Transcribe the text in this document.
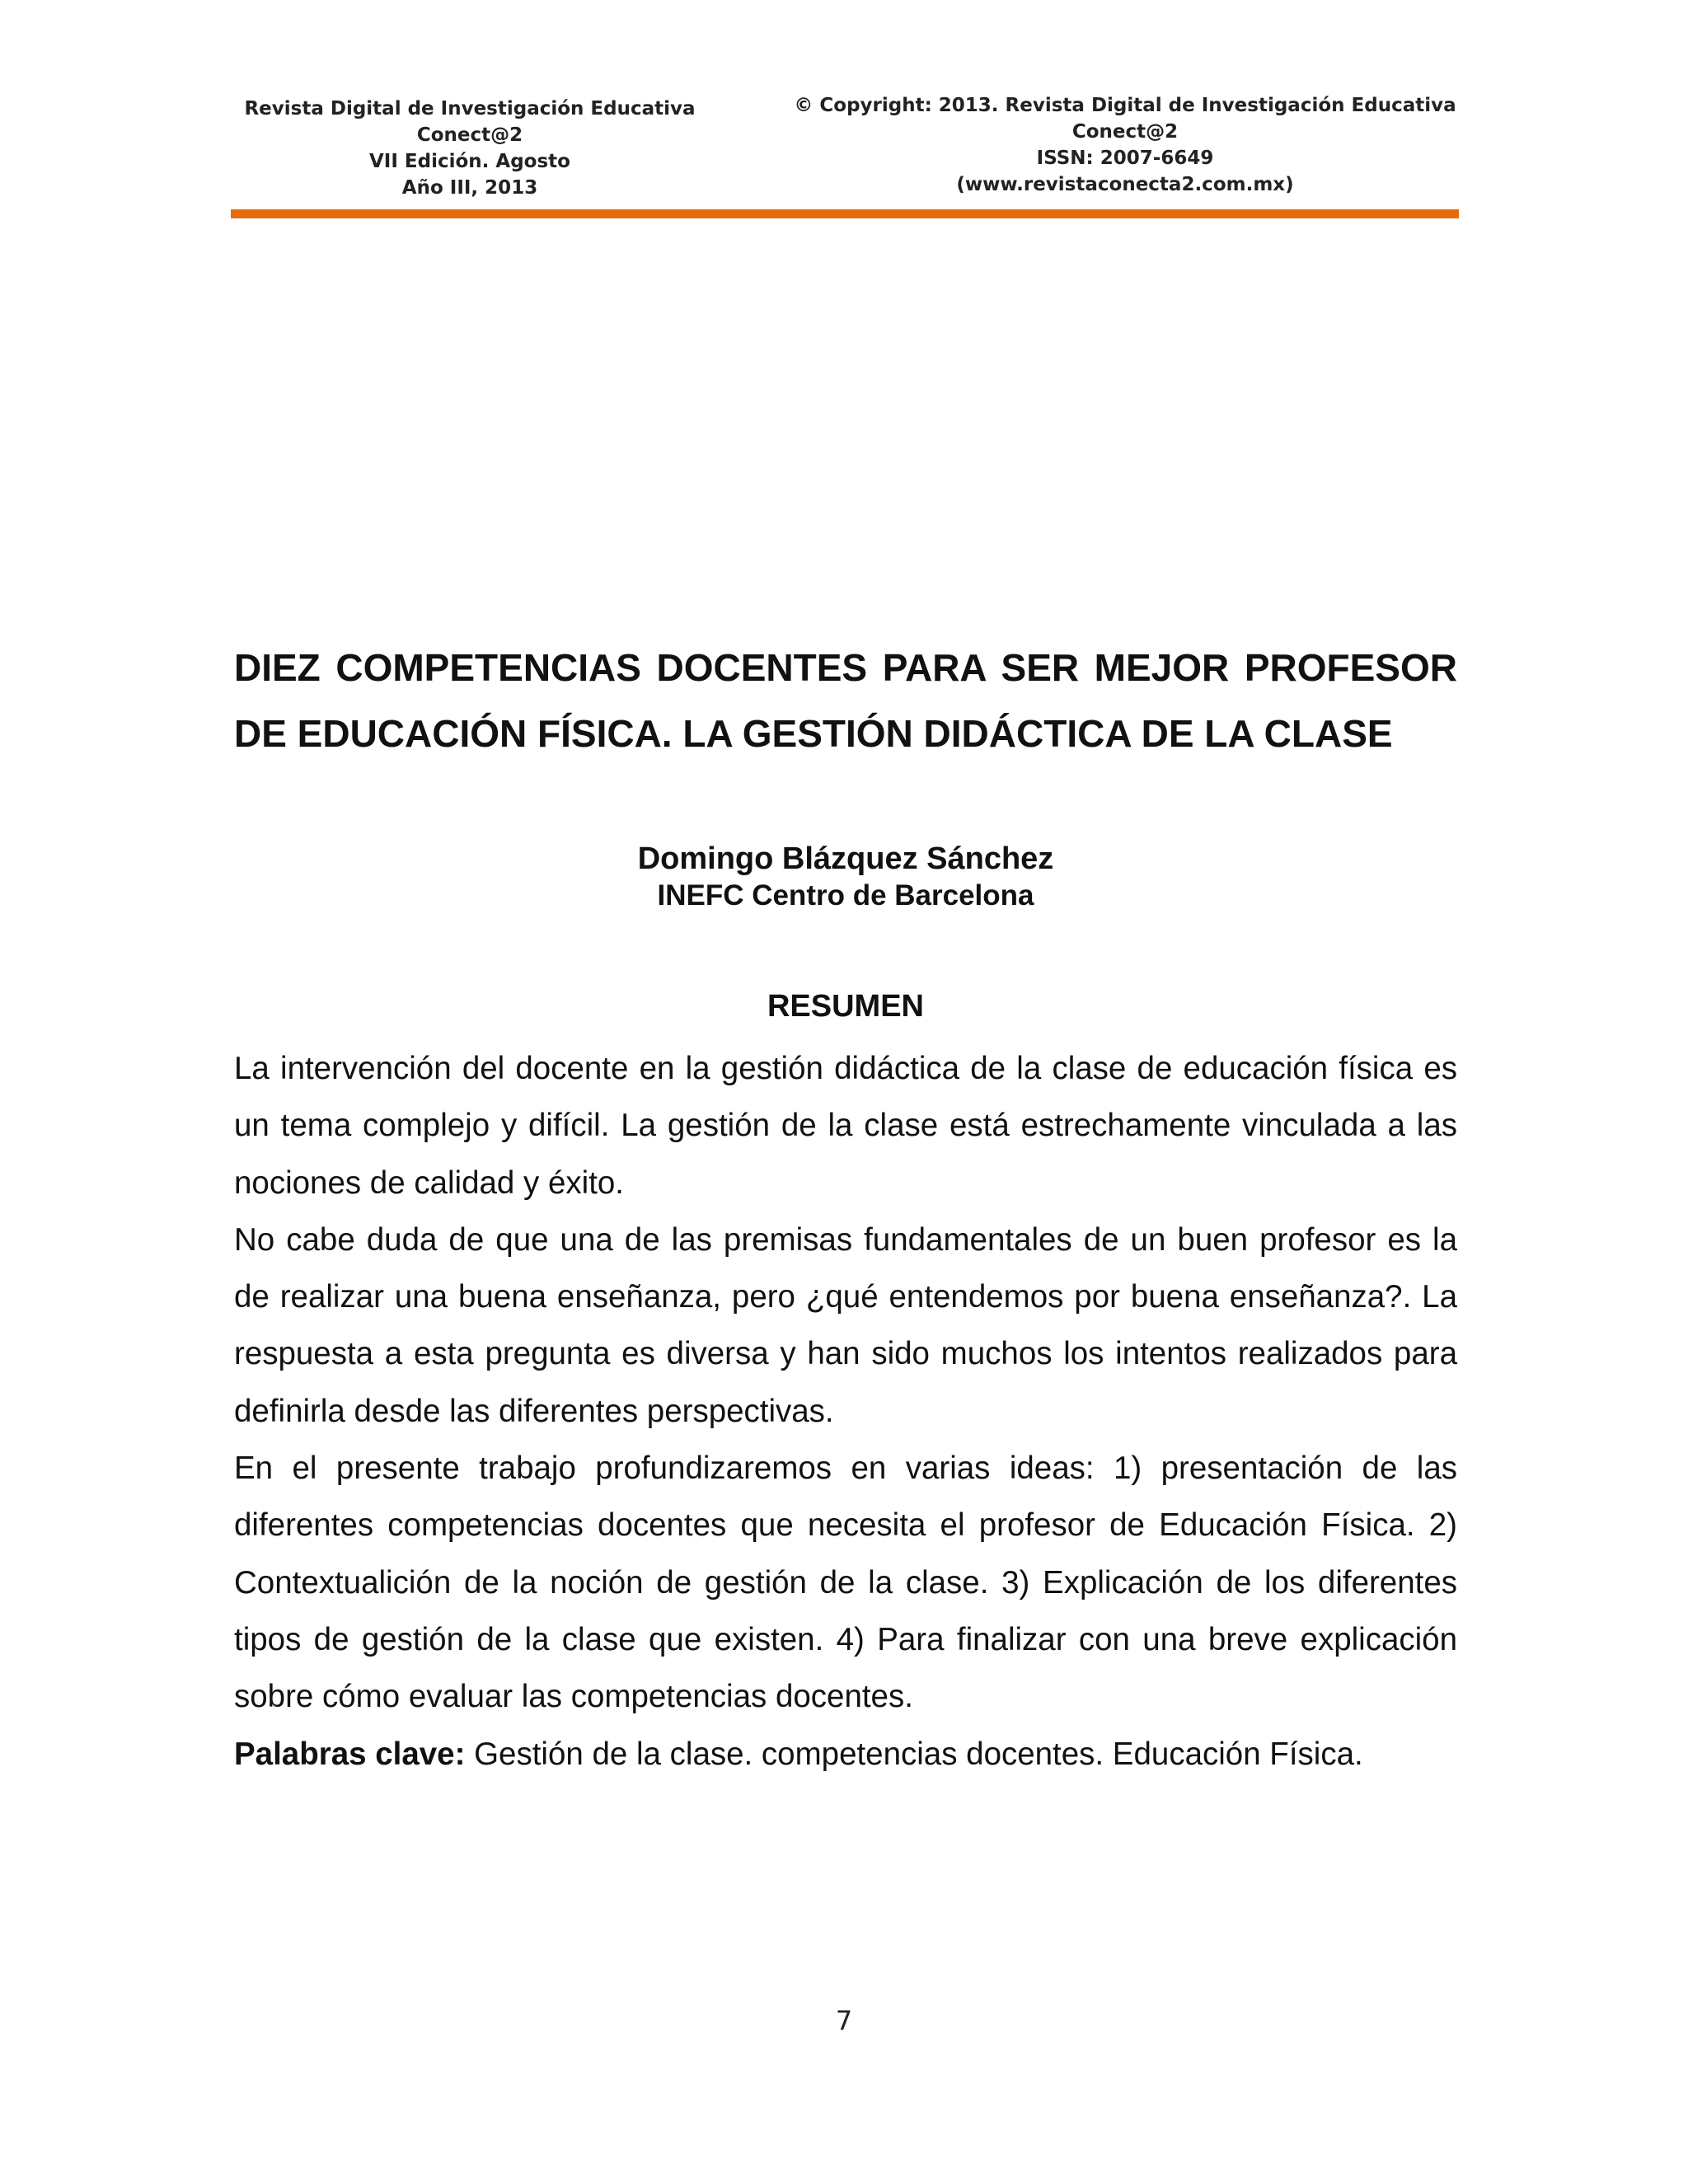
Revista Digital de Investigación Educativa
Conect@2
VII Edición. Agosto
Año III, 2013
© Copyright: 2013. Revista Digital de Investigación Educativa
Conect@2
ISSN: 2007-6649
(www.revistaconecta2.com.mx)
DIEZ COMPETENCIAS DOCENTES PARA SER MEJOR PROFESOR DE EDUCACIÓN FÍSICA. LA GESTIÓN DIDÁCTICA DE LA CLASE
Domingo Blázquez Sánchez
INEFC Centro de Barcelona
RESUMEN

La intervención del docente en la gestión didáctica de la clase de educación física es un tema complejo y difícil. La gestión de la clase está estrechamente vinculada a las nociones de calidad y éxito.

No cabe duda de que una de las premisas fundamentales de un buen profesor es la de realizar una buena enseñanza, pero ¿qué entendemos por buena enseñanza?. La respuesta a esta pregunta es diversa y han sido muchos los intentos realizados para definirla desde las diferentes perspectivas.

En el presente trabajo profundizaremos en varias ideas: 1) presentación de las diferentes competencias docentes que necesita el profesor de Educación Física. 2) Contextualición de la noción de gestión de la clase. 3) Explicación de los diferentes tipos de gestión de la clase que existen. 4) Para finalizar con una breve explicación sobre cómo evaluar las competencias docentes.

Palabras clave: Gestión de la clase. competencias docentes. Educación Física.

7
